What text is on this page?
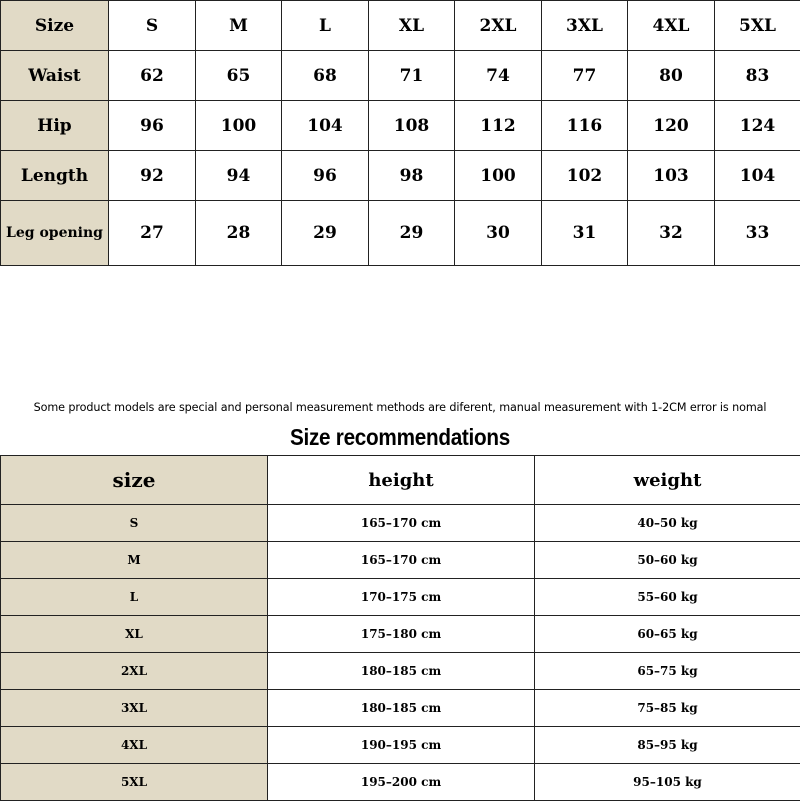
Size	S	M	L	XL	2XL	3XL	4XL	5XL
Waist	62	65	68	71	74	77	80	83
Hip	96	100	104	108	112	116	120	124
Length	92	94	96	98	100	102	103	104
Leg opening	27	28	29	29	30	31	32	33
Some product models are special and personal measurement methods are diferent, manual measurement with 1-2CM error is nomal
Size recommendations
size	height	weight
S	165–170 cm	40–50 kg
M	165–170 cm	50–60 kg
L	170–175 cm	55–60 kg
XL	175–180 cm	60–65 kg
2XL	180–185 cm	65–75 kg
3XL	180–185 cm	75–85 kg
4XL	190–195 cm	85–95 kg
5XL	195–200 cm	95–105 kg
